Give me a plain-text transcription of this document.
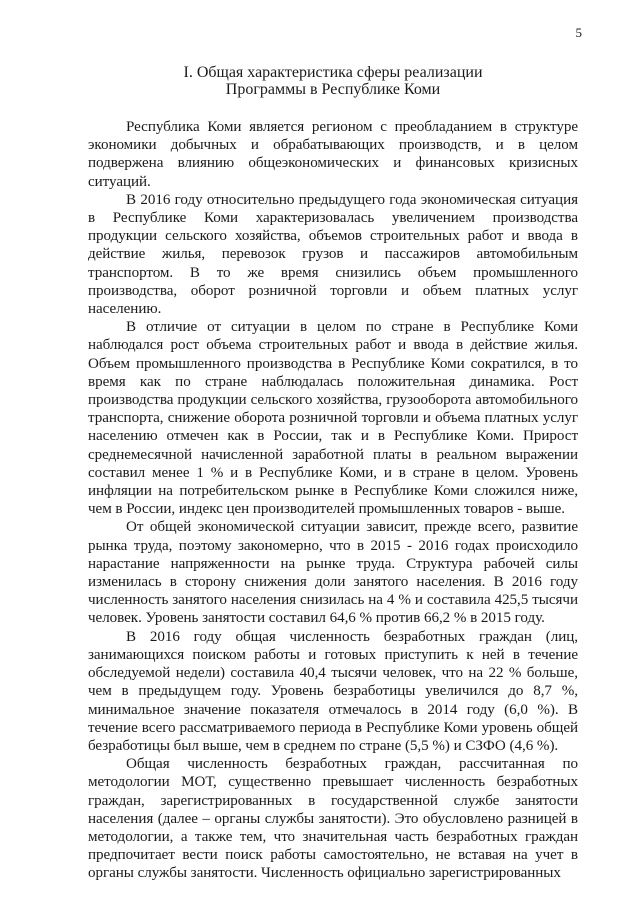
5
I. Общая характеристика сферы реализации
Программы в Республике Коми

Республика Коми является регионом с преобладанием в структуре экономики добычных и обрабатывающих производств, и в целом подвержена влиянию общеэкономических и финансовых кризисных ситуаций.

В 2016 году относительно предыдущего года экономическая ситуация в Республике Коми характеризовалась увеличением производства продукции сельского хозяйства, объемов строительных работ и ввода в действие жилья, перевозок грузов и пассажиров автомобильным транспортом. В то же время снизились объем промышленного производства, оборот розничной торговли и объем платных услуг населению.

В отличие от ситуации в целом по стране в Республике Коми наблюдался рост объема строительных работ и ввода в действие жилья. Объем промышленного производства в Республике Коми сократился, в то время как по стране наблюдалась положительная динамика. Рост производства продукции сельского хозяйства, грузооборота автомобильного транспорта, снижение оборота розничной торговли и объема платных услуг населению отмечен как в России, так и в Республике Коми. Прирост среднемесячной начисленной заработной платы в реальном выражении составил менее 1 % и в Республике Коми, и в стране в целом. Уровень инфляции на потребительском рынке в Республике Коми сложился ниже, чем в России, индекс цен производителей промышленных товаров - выше.

От общей экономической ситуации зависит, прежде всего, развитие рынка труда, поэтому закономерно, что в 2015 - 2016 годах происходило нарастание напряженности на рынке труда. Структура рабочей силы изменилась в сторону снижения доли занятого населения. В 2016 году численность занятого населения снизилась на 4 % и составила 425,5 тысячи человек. Уровень занятости составил 64,6 % против 66,2 % в 2015 году.

В 2016 году общая численность безработных граждан (лиц, занимающихся поиском работы и готовых приступить к ней в течение обследуемой недели) составила 40,4 тысячи человек, что на 22 % больше, чем в предыдущем году. Уровень безработицы увеличился до 8,7 %, минимальное значение показателя отмечалось в 2014 году (6,0 %). В течение всего рассматриваемого периода в Республике Коми уровень общей безработицы был выше, чем в среднем по стране (5,5 %) и СЗФО (4,6 %).

Общая численность безработных граждан, рассчитанная по методологии МОТ, существенно превышает численность безработных граждан, зарегистрированных в государственной службе занятости населения (далее – органы службы занятости). Это обусловлено разницей в методологии, а также тем, что значительная часть безработных граждан предпочитает вести поиск работы самостоятельно, не вставая на учет в органы службы занятости. Численность официально зарегистрированных
